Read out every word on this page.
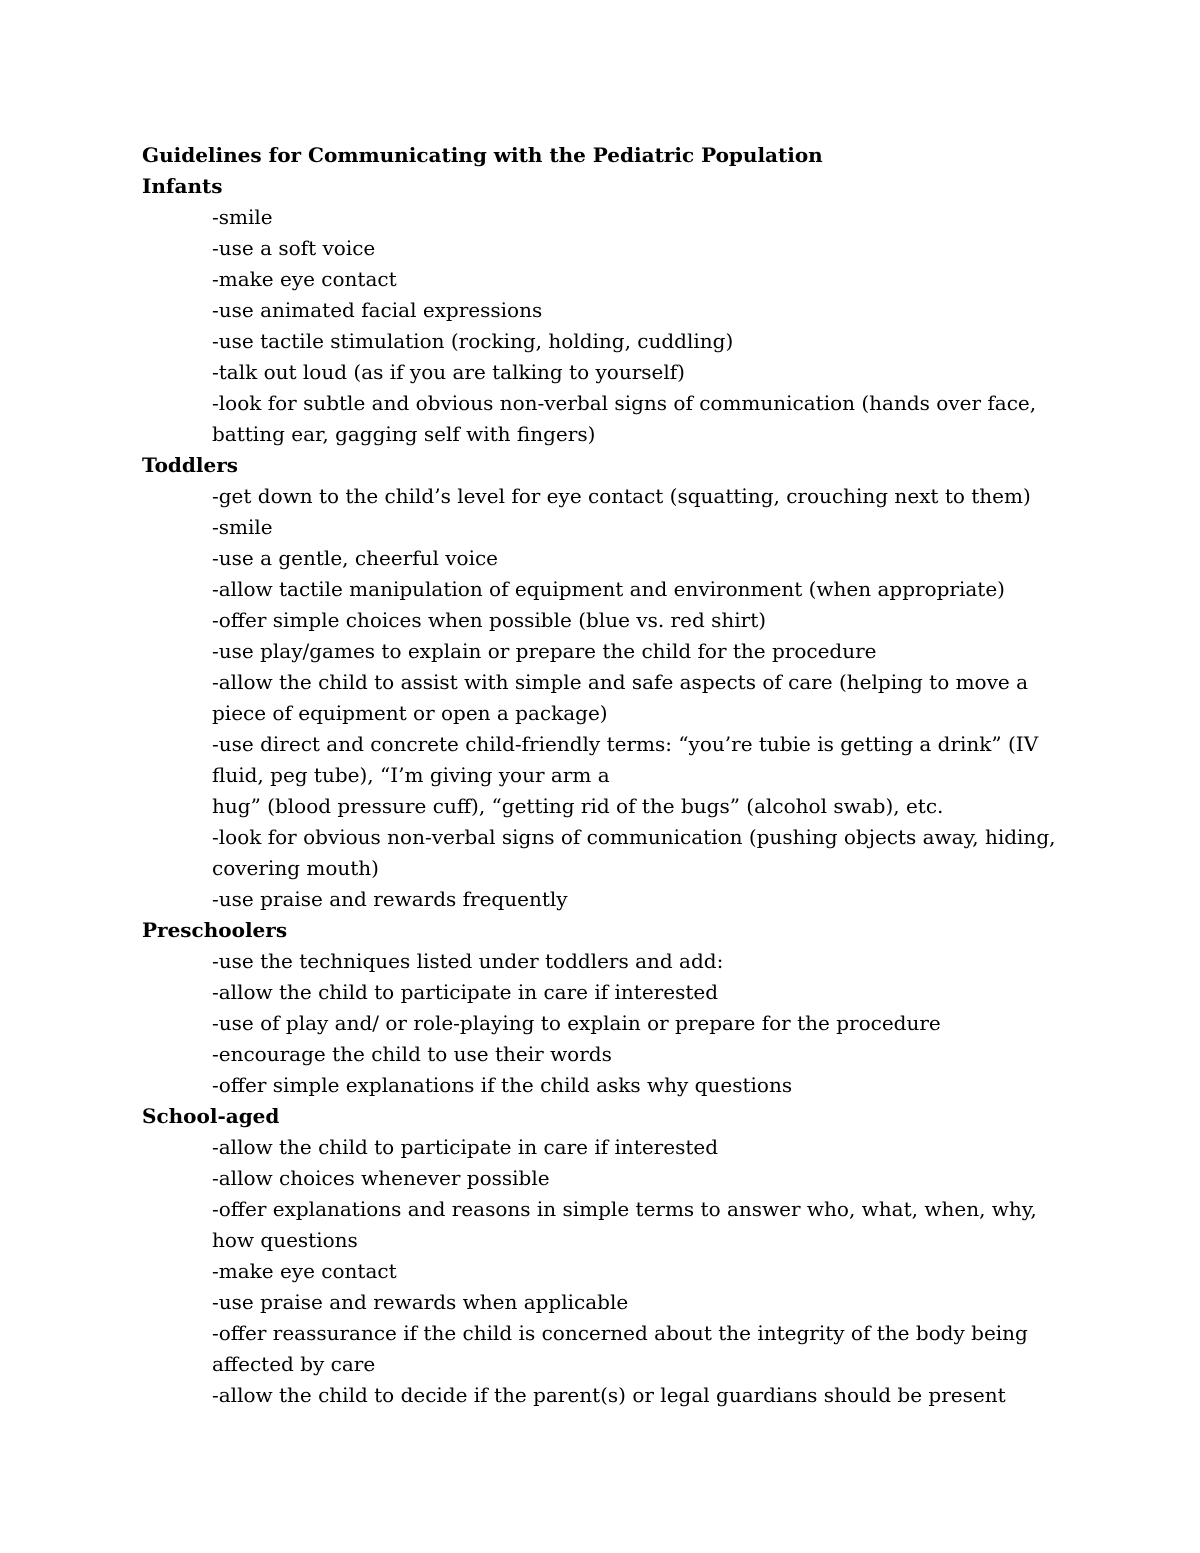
Guidelines for Communicating with the Pediatric Population
Infants
-smile
-use a soft voice
-make eye contact
-use animated facial expressions
-use tactile stimulation (rocking, holding, cuddling)
-talk out loud (as if you are talking to yourself)
-look for subtle and obvious non-verbal signs of communication (hands over face, batting ear, gagging self with fingers)
Toddlers
-get down to the child’s level for eye contact (squatting, crouching next to them)
-smile
-use a gentle, cheerful voice
-allow tactile manipulation of equipment and environment (when appropriate)
-offer simple choices when possible (blue vs. red shirt)
-use play/games to explain or prepare the child for the procedure
-allow the child to assist with simple and safe aspects of care (helping to move a piece of equipment or open a package)
-use direct and concrete child-friendly terms: “you’re tubie is getting a drink” (IV fluid, peg tube), “I’m giving your arm a
hug” (blood pressure cuff), “getting rid of the bugs” (alcohol swab), etc.
-look for obvious non-verbal signs of communication (pushing objects away, hiding, covering mouth)
-use praise and rewards frequently
Preschoolers
-use the techniques listed under toddlers and add:
-allow the child to participate in care if interested
-use of play and/ or role-playing to explain or prepare for the procedure
-encourage the child to use their words
-offer simple explanations if the child asks why questions
School-aged
-allow the child to participate in care if interested
-allow choices whenever possible
-offer explanations and reasons in simple terms to answer who, what, when, why, how questions
-make eye contact
-use praise and rewards when applicable
-offer reassurance if the child is concerned about the integrity of the body being affected by care
-allow the child to decide if the parent(s) or legal guardians should be present
